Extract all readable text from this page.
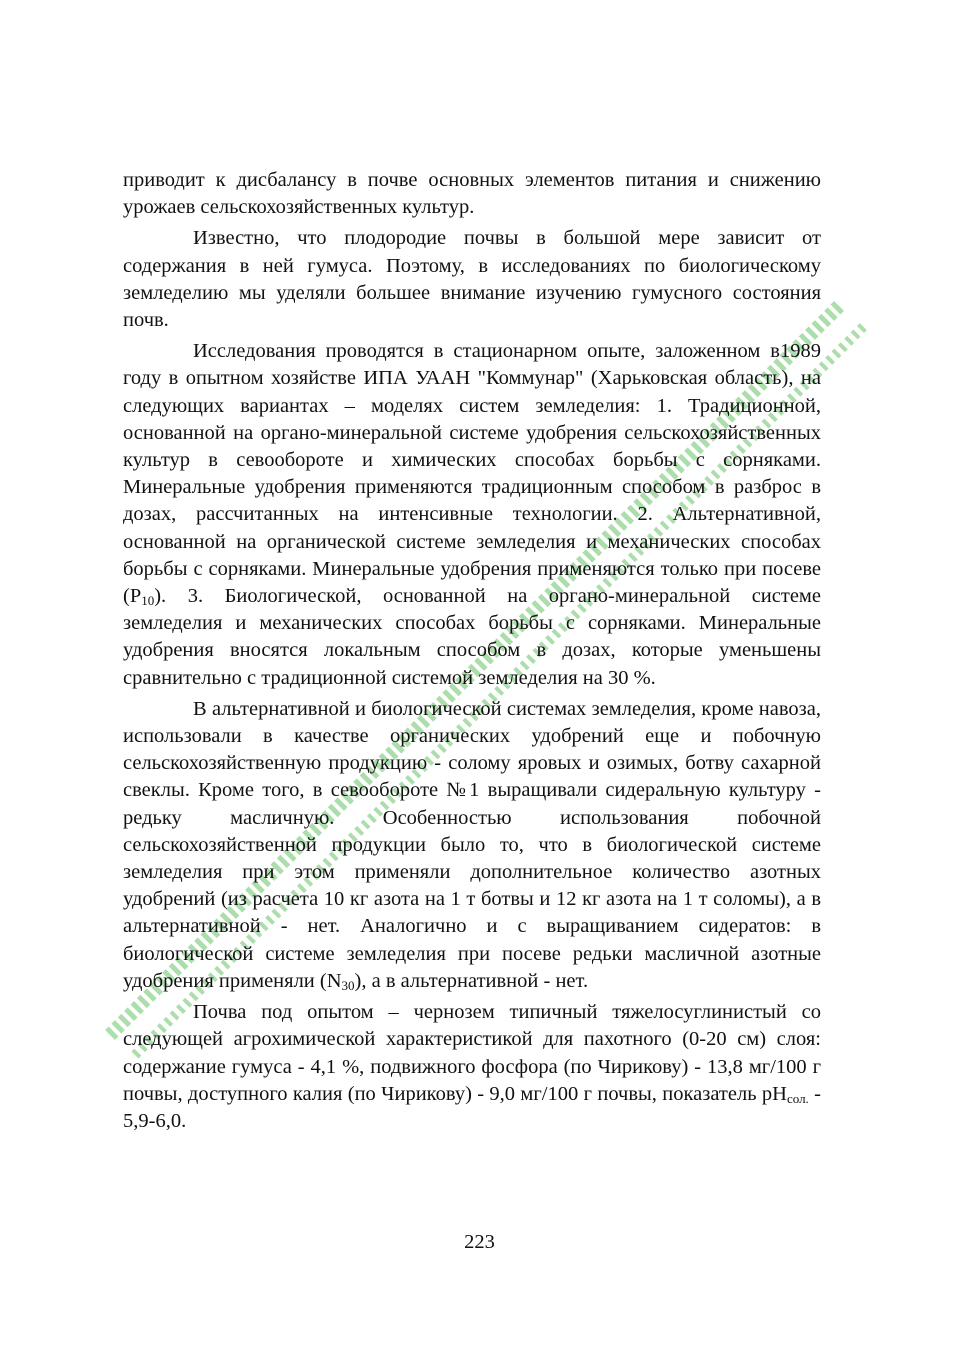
приводит к дисбалансу в почве основных элементов питания и снижению урожаев сельскохозяйственных культур.

Известно, что плодородие почвы в большой мере зависит от содержания в ней гумуса. Поэтому, в исследованиях по биологическому земледелию мы уделяли большее внимание изучению гумусного состояния почв.

Исследования проводятся в стационарном опыте, заложенном в1989 году в опытном хозяйстве ИПА УААН "Коммунар" (Харьковская область), на следующих вариантах – моделях систем земледелия: 1. Традиционной, основанной на органо-минеральной системе удобрения сельскохозяйственных культур в севообороте и химических способах борьбы с сорняками. Минеральные удобрения применяются традиционным способом в разброс в дозах, рассчитанных на интенсивные технологии. 2. Альтернативной, основанной на органической системе земледелия и механических способах борьбы с сорняками. Минеральные удобрения применяются только при посеве $(P_{10})$. 3. Биологической, основанной на органо-минеральной системе земледелия и механических способах борьбы с сорняками. Минеральные удобрения вносятся локальным способом в дозах, которые уменьшены сравнительно с традиционной системой земледелия на 30 %.

В альтернативной и биологической системах земледелия, кроме навоза, использовали в качестве органических удобрений еще и побочную сельскохозяйственную продукцию - солому яровых и озимых, ботву сахарной свеклы. Кроме того, в севообороте №1 выращивали сидеральную культуру - редьку масличную. Особенностью использования побочной сельскохозяйственной продукции было то, что в биологической системе земледелия при этом применяли дополнительное количество азотных удобрений (из расчета 10 кг азота на 1 т ботвы и 12 кг азота на 1 т соломы), а в альтернативной - нет. Аналогично и с выращиванием сидератов: в биологической системе земледелия при посеве редьки масличной азотные удобрения применяли $(N_{30})$, а в альтернативной - нет.

Почва под опытом – чернозем типичный тяжелосуглинистый со следующей агрохимической характеристикой для пахотного (0-20 см) слоя: содержание гумуса - 4,1 %, подвижного фосфора (по Чирикову) - 13,8 мг/100 г почвы, доступного калия (по Чирикову) - 9,0 мг/100 г почвы, показатель $pH_{сол.} - 5,9-6,0$.

223
